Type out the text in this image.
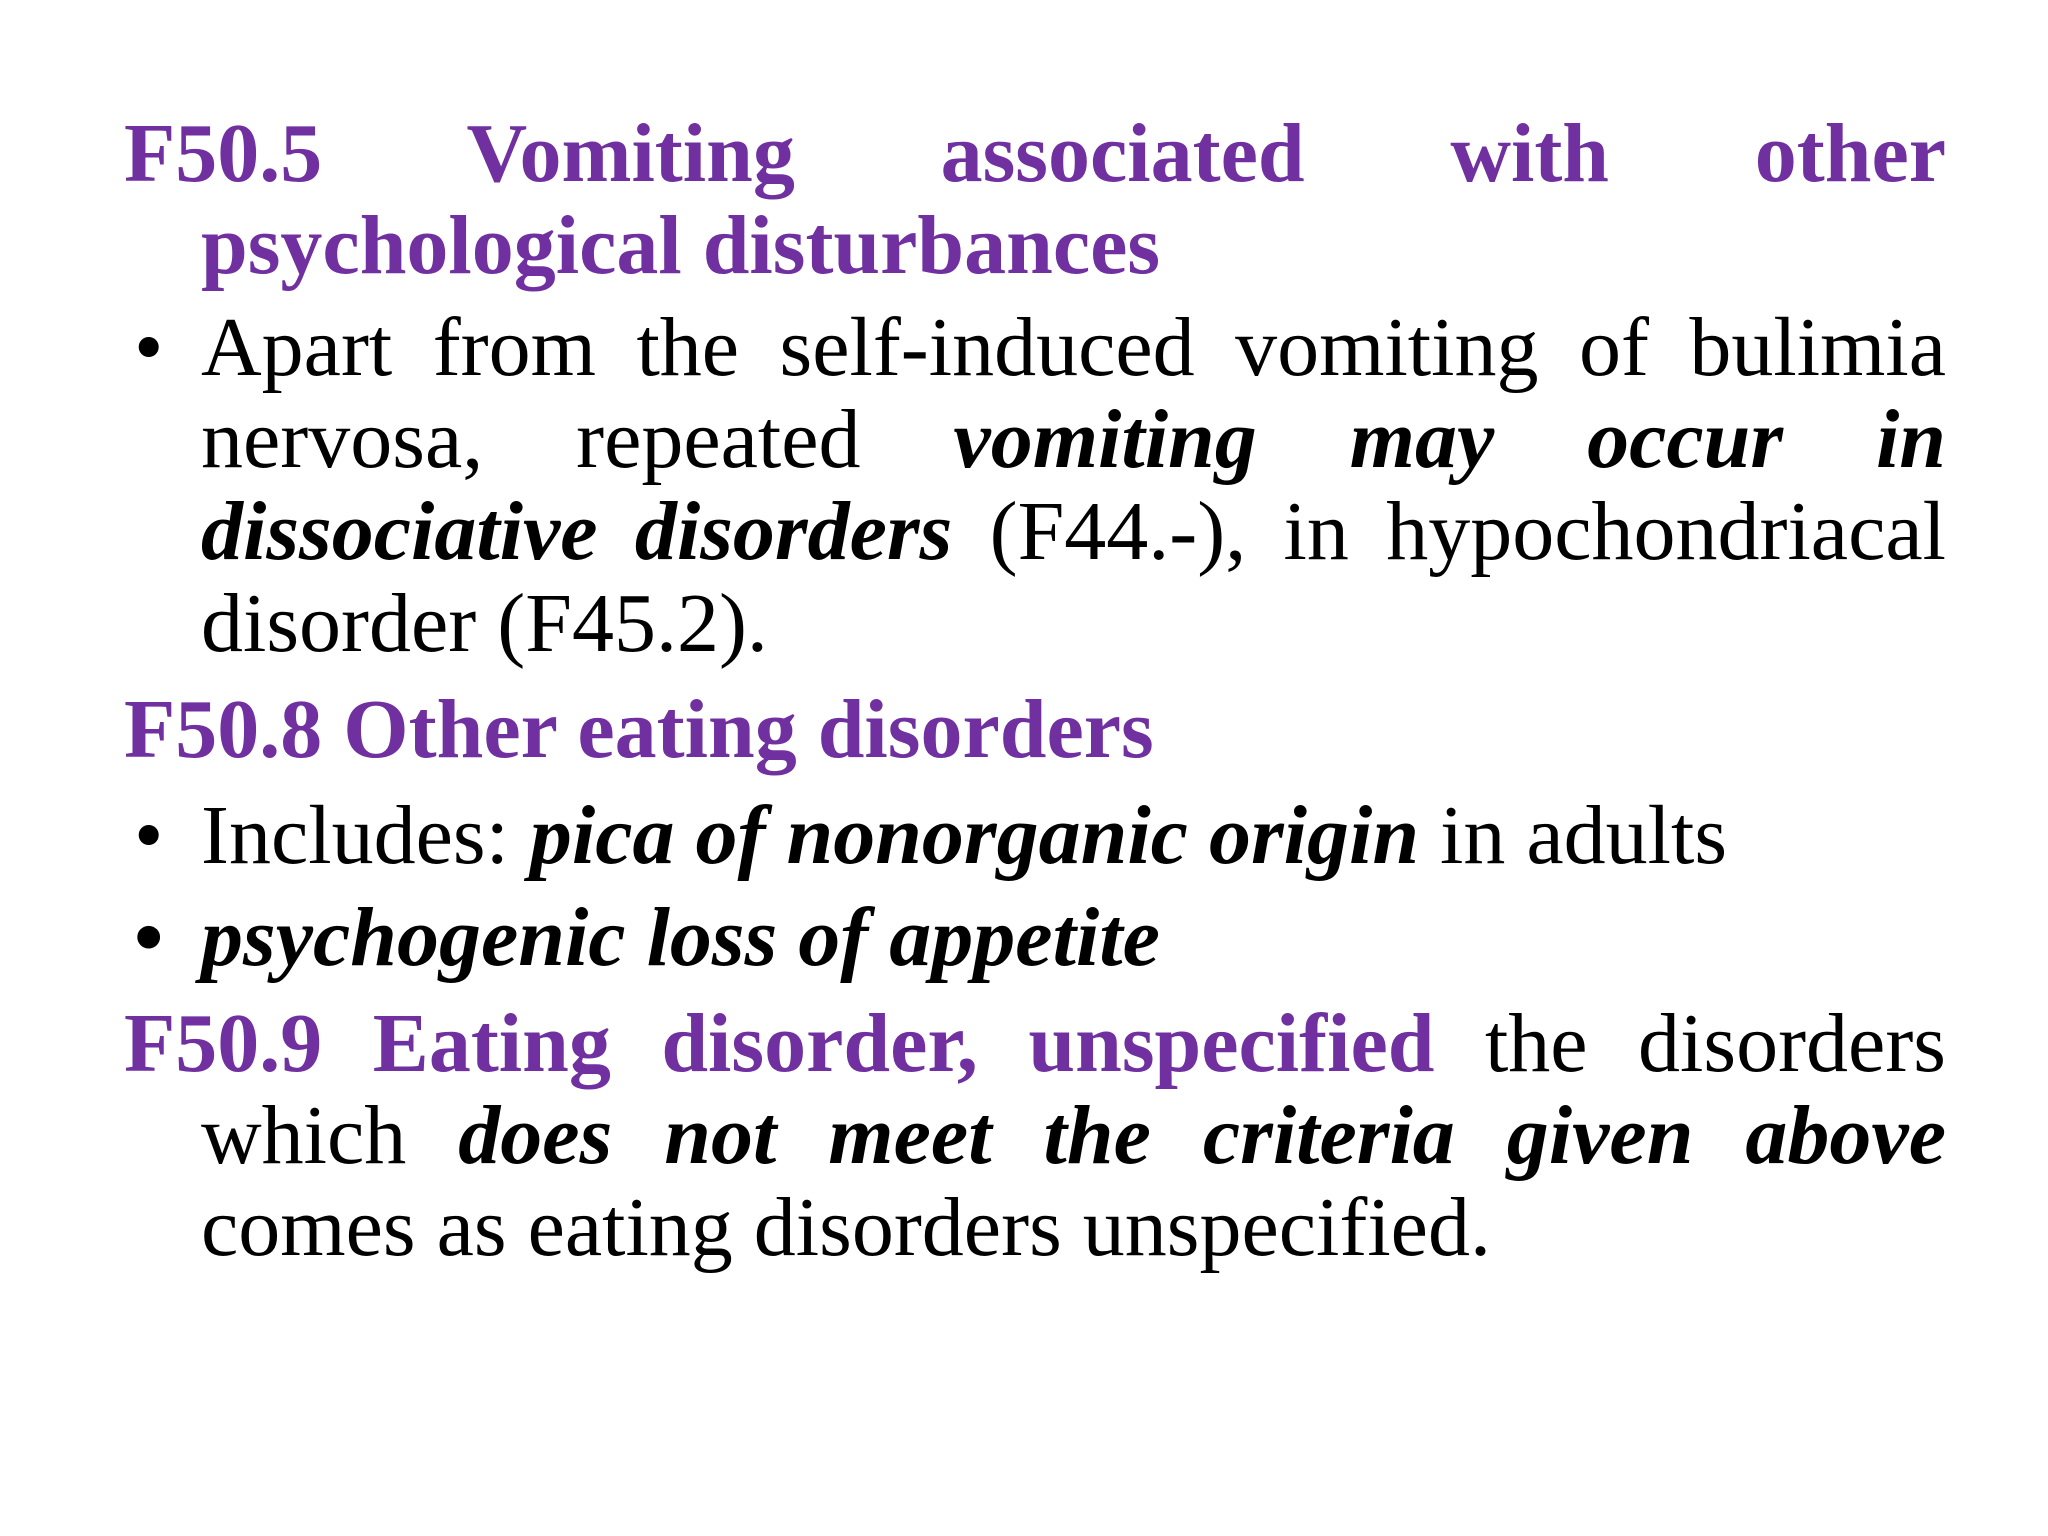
F50.5 Vomiting associated with other
psychological disturbances
• Apart from the self-induced vomiting of bulimia nervosa, repeated vomiting may occur in dissociative disorders (F44.-), in hypochondriacal disorder (F45.2).
F50.8 Other eating disorders
• Includes: pica of nonorganic origin in adults
• psychogenic loss of appetite
F50.9 Eating disorder, unspecified the disorders which does not meet the criteria given above comes as eating disorders unspecified.
